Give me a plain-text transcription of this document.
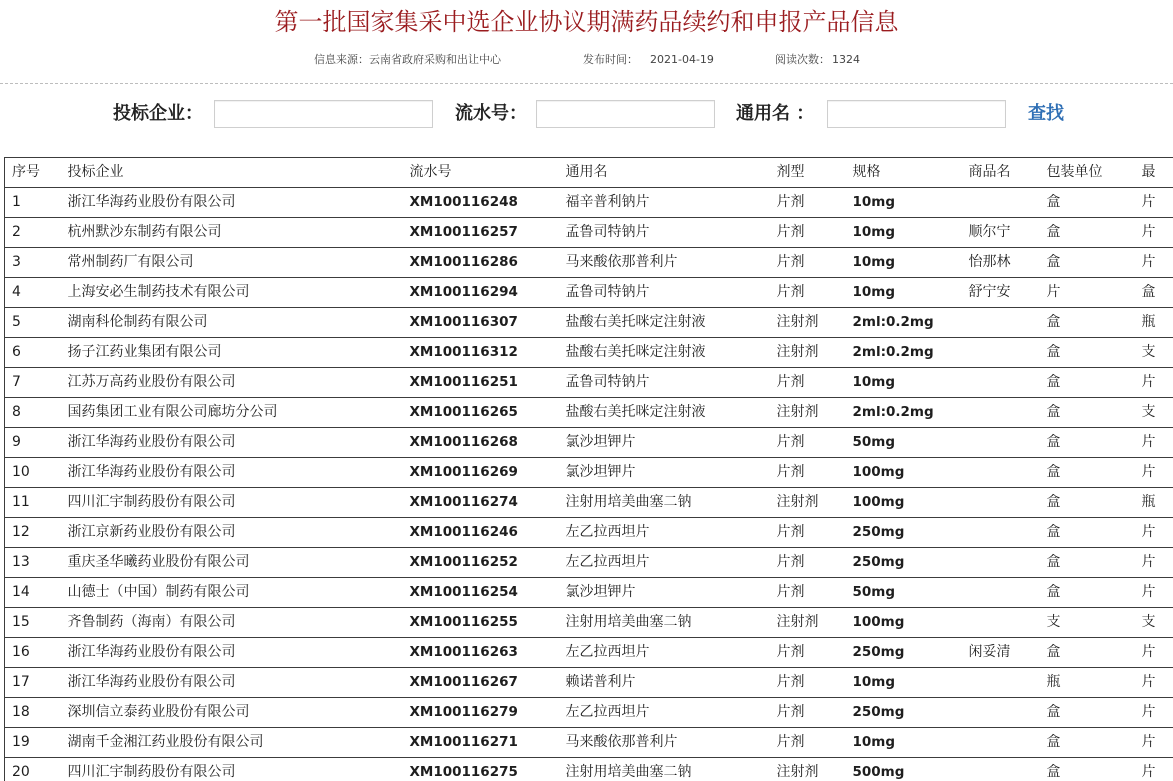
第一批国家集采中选企业协议期满药品续约和申报产品信息
信息来源：云南省政府采购和出让中心	发布时间： 2021-04-19	阅读次数： 1324
投标企业：	流水号：	通用名 ：	查找
序号	投标企业	流水号	通用名	剂型	规格	商品名	包装单位	最
1	浙江华海药业股份有限公司	XM100116248	福辛普利钠片	片剂	10mg		盒	片
2	杭州默沙东制药有限公司	XM100116257	孟鲁司特钠片	片剂	10mg	顺尔宁	盒	片
3	常州制药厂有限公司	XM100116286	马来酸依那普利片	片剂	10mg	怡那林	盒	片
4	上海安必生制药技术有限公司	XM100116294	孟鲁司特钠片	片剂	10mg	舒宁安	片	盒
5	湖南科伦制药有限公司	XM100116307	盐酸右美托咪定注射液	注射剂	2ml:0.2mg		盒	瓶
6	扬子江药业集团有限公司	XM100116312	盐酸右美托咪定注射液	注射剂	2ml:0.2mg		盒	支
7	江苏万高药业股份有限公司	XM100116251	孟鲁司特钠片	片剂	10mg		盒	片
8	国药集团工业有限公司廊坊分公司	XM100116265	盐酸右美托咪定注射液	注射剂	2ml:0.2mg		盒	支
9	浙江华海药业股份有限公司	XM100116268	氯沙坦钾片	片剂	50mg		盒	片
10	浙江华海药业股份有限公司	XM100116269	氯沙坦钾片	片剂	100mg		盒	片
11	四川汇宇制药股份有限公司	XM100116274	注射用培美曲塞二钠	注射剂	100mg		盒	瓶
12	浙江京新药业股份有限公司	XM100116246	左乙拉西坦片	片剂	250mg		盒	片
13	重庆圣华曦药业股份有限公司	XM100116252	左乙拉西坦片	片剂	250mg		盒	片
14	山德士（中国）制药有限公司	XM100116254	氯沙坦钾片	片剂	50mg		盒	片
15	齐鲁制药（海南）有限公司	XM100116255	注射用培美曲塞二钠	注射剂	100mg		支	支
16	浙江华海药业股份有限公司	XM100116263	左乙拉西坦片	片剂	250mg	闲妥清	盒	片
17	浙江华海药业股份有限公司	XM100116267	赖诺普利片	片剂	10mg		瓶	片
18	深圳信立泰药业股份有限公司	XM100116279	左乙拉西坦片	片剂	250mg		盒	片
19	湖南千金湘江药业股份有限公司	XM100116271	马来酸依那普利片	片剂	10mg		盒	片
20	四川汇宇制药股份有限公司	XM100116275	注射用培美曲塞二钠	注射剂	500mg		盒	片
